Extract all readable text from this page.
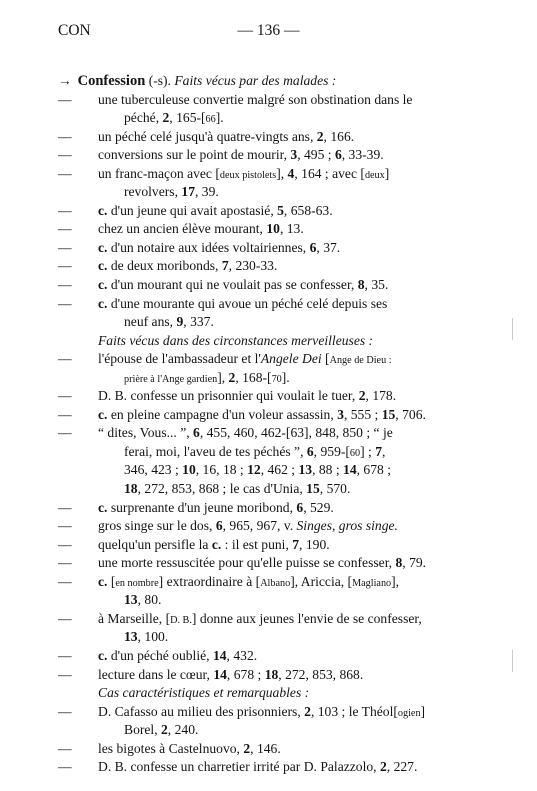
CON	— 136 —
→ Confession (-s). Faits vécus par des malades :
— une tuberculeuse convertie malgré son obstination dans le
péché, 2, 165-[66].
— un péché celé jusqu'à quatre-vingts ans, 2, 166.
— conversions sur le point de mourir, 3, 495 ; 6, 33-39.
— un franc-maçon avec [deux pistolets], 4, 164 ; avec [deux]
revolvers, 17, 39.
— c. d'un jeune qui avait apostasié, 5, 658-63.
— chez un ancien élève mourant, 10, 13.
— c. d'un notaire aux idées voltairiennes, 6, 37.
— c. de deux moribonds, 7, 230-33.
— c. d'un mourant qui ne voulait pas se confesser, 8, 35.
— c. d'une mourante qui avoue un péché celé depuis ses
neuf ans, 9, 337.
Faits vécus dans des circonstances merveilleuses :
— l'épouse de l'ambassadeur et l'Angele Dei [Ange de Dieu :
prière à l'Ange gardien], 2, 168-[70].
— D. B. confesse un prisonnier qui voulait le tuer, 2, 178.
— c. en pleine campagne d'un voleur assassin, 3, 555 ; 15, 706.
— “ dites, Vous... ”, 6, 455, 460, 462-[63], 848, 850 ; “ je
ferai, moi, l'aveu de tes péchés ”, 6, 959-[60] ; 7,
346, 423 ; 10, 16, 18 ; 12, 462 ; 13, 88 ; 14, 678 ;
18, 272, 853, 868 ; le cas d'Unia, 15, 570.
— c. surprenante d'un jeune moribond, 6, 529.
— gros singe sur le dos, 6, 965, 967, v. Singes, gros singe.
— quelqu'un persifle la c. : il est puni, 7, 190.
— une morte ressuscitée pour qu'elle puisse se confesser, 8, 79.
— c. [en nombre] extraordinaire à [Albano], Ariccia, [Magliano],
13, 80.
— à Marseille, [D. B.] donne aux jeunes l'envie de se confesser,
13, 100.
— c. d'un péché oublié, 14, 432.
— lecture dans le cœur, 14, 678 ; 18, 272, 853, 868.
Cas caractéristiques et remarquables :
— D. Cafasso au milieu des prisonniers, 2, 103 ; le Théol[ogien]
Borel, 2, 240.
— les bigotes à Castelnuovo, 2, 146.
— D. B. confesse un charretier irrité par D. Palazzolo, 2, 227.
